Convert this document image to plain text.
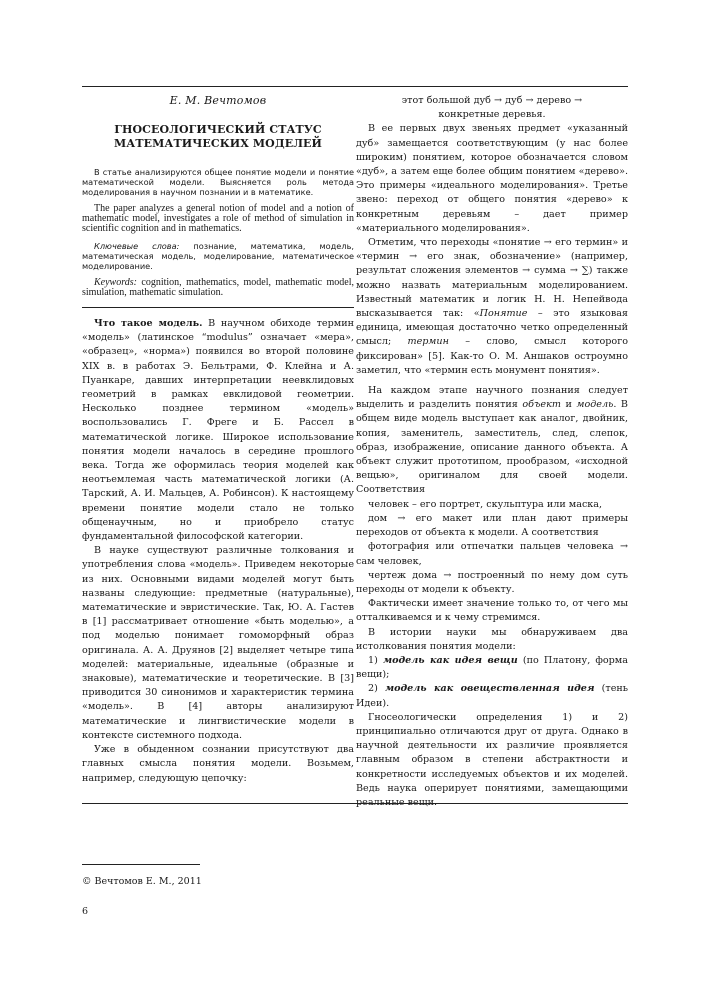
Е. М. Вечтомов
ГНОСЕОЛОГИЧЕСКИЙ СТАТУС
МАТЕМАТИЧЕСКИХ МОДЕЛЕЙ

В статье анализируются общее понятие модели и понятие математической модели. Выясняется роль метода моделирования в научном познании и в математике.

The paper analyzes a general notion of model and a notion of mathematic model, investigates a role of method of simulation in scientific cognition and in mathematics.

Ключевые слова: познание, математика, модель, математическая модель, моделирование, математическое моделирование.

Keywords: cognition, mathematics, model, mathematic model, simulation, mathematic simulation.

Что такое модель. В научном обиходе термин «модель» (латинское “modulus” означает «мера», «образец», «норма») появился во второй половине XIX в. в работах Э. Бельтрами, Ф. Клейна и А. Пуанкаре, давших интерпретации неевклидовых геометрий в рамках евклидовой геометрии. Несколько позднее термином «модель» воспользовались Г. Фреге и Б. Рассел в математической логике. Широкое использование понятия модели началось в середине прошлого века. Тогда же оформилась теория моделей как неотъемлемая часть математической логики (А. Тарский, А. И. Мальцев, А. Робинсон). К настоящему времени понятие модели стало не только общенаучным, но и приобрело статус фундаментальной философской категории.

В науке существуют различные толкования и употребления слова «модель». Приведем некоторые из них. Основными видами моделей могут быть названы следующие: предметные (натуральные), математические и эвристические. Так, Ю. А. Гастев в [1] рассматривает отношение «быть моделью», а под моделью понимает гомоморфный образ оригинала. А. А. Друянов [2] выделяет четыре типа моделей: материальные, идеальные (образные и знаковые), математические и теоретические. В [3] приводится 30 синонимов и характеристик термина «модель». В [4] авторы анализируют математические и лингвистические модели в контексте системного подхода.

Уже в обыденном сознании присутствуют два главных смысла понятия модели. Возьмем, например, следующую цепочку:

этот большой дуб → дуб → дерево →

конкретные деревья.

В ее первых двух звеньях предмет «указанный дуб» замещается соответствующим (у нас более широким) понятием, которое обозначается словом «дуб», а затем еще более общим понятием «дерево». Это примеры «идеального моделирования». Третье звено: переход от общего понятия «дерево» к конкретным деревьям – дает пример «материального моделирования».

Отметим, что переходы «понятие → его термин» и «термин → его знак, обозначение» (например, результат сложения элементов → сумма → ∑) также можно назвать материальным моделированием. Известный математик и логик Н. Н. Непейвода высказывается так: «Понятие – это языковая единица, имеющая достаточно четко определенный смысл; термин – слово, смысл которого фиксирован» [5]. Как-то О. М. Аншаков остроумно заметил, что «термин есть монумент понятия».

На каждом этапе научного познания следует выделить и разделить понятия объект и модель. В общем виде модель выступает как аналог, двойник, копия, заменитель, заместитель, след, слепок, образ, изображение, описание данного объекта. А объект служит прототипом, прообразом, «исходной вещью», оригиналом для своей модели. Соответствия

человек – его портрет, скульптура или маска,

дом → его макет или план дают примеры переходов от объекта к модели. А соответствия

фотография или отпечатки пальцев человека → сам человек,

чертеж дома → построенный по нему дом суть переходы от модели к объекту.

Фактически имеет значение только то, от чего мы отталкиваемся и к чему стремимся.

В истории науки мы обнаруживаем два истолкования понятия модели:

1) модель как идея вещи (по Платону, форма вещи);

2) модель как овеществленная идея (тень Идеи).

Гносеологически определения 1) и 2) принципиально отличаются друг от друга. Однако в научной деятельности их различие проявляется главным образом в степени абстрактности и конкретности исследуемых объектов и их моделей. Ведь наука оперирует понятиями, замещающими реальные вещи.

© Вечтомов Е. М., 2011
6
